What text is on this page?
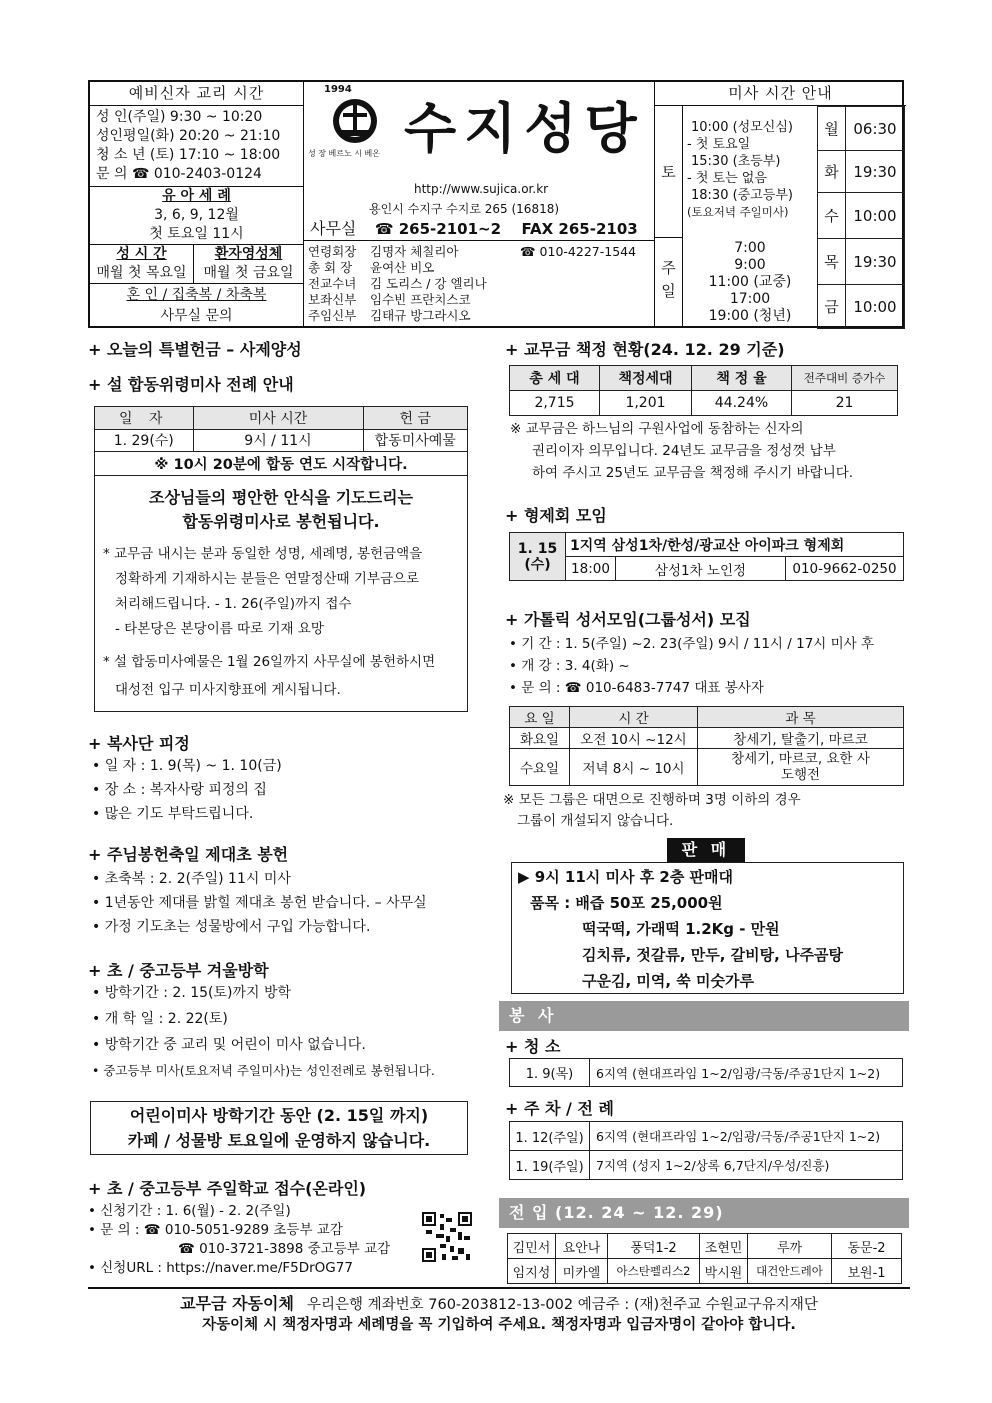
예비신자 교리 시간
성 인(주일) 9:30 ~ 10:20
성인평일(화) 20:20 ~ 21:10
청 소 년 (토) 17:10 ~ 18:00
문 의 ☎ 010-2403-0124
유 아 세 례
3, 6, 9, 12월
첫 토요일 11시
성 시 간
매월 첫 목요일
환자영성체
매월 첫 금요일
혼 인 / 집축복 / 차축복
사무실 문의
1994
성 장 베르노 시 베온 수지성당
http://www.sujica.or.kr
용인시 수지구 수지로 265 (16818)
사무실 ☎ 265-2101~2 FAX 265-2103
연령회장 김명자 체칠리아	☎ 010-4227-1544
총 회 장 윤여산 비오
전교수녀 김 도리스 / 강 엘리나
보좌신부 임수빈 프란치스코
주임신부 김태규 방그라시오
미사 시간 안내
토
10:00 (성모신심)
- 첫 토요일
15:30 (초등부)
- 첫 토는 없음
18:30 (중고등부)
(토요저녁 주일미사)
주일
7:00
9:00
11:00 (교중)
17:00
19:00 (청년)
월	06:30
화	19:30
수	10:00
목	19:30
금	10:00
+ 오늘의 특별헌금 – 사제양성
+ 설 합동위령미사 전례 안내
일 자	미사 시간	헌 금
1. 29(수)	9시 / 11시	합동미사예물
※ 10시 20분에 합동 연도 시작합니다.		
조상님들의 평안한 안식을 기도드리는
합동위령미사로 봉헌됩니다.
* 교무금 내시는 분과 동일한 성명, 세례명, 봉헌금액을
정확하게 기재하시는 분들은 연말정산때 기부금으로
처리해드립니다. - 1. 26(주일)까지 접수
- 타본당은 본당이름 따로 기재 요망
* 설 합동미사예물은 1월 26일까지 사무실에 봉헌하시면
대성전 입구 미사지향표에 게시됩니다.
+ 복사단 피정
• 일 자 : 1. 9(목) ~ 1. 10(금)
• 장 소 : 복자사랑 피정의 집
• 많은 기도 부탁드립니다.
+ 주님봉헌축일 제대초 봉헌
• 초축복 : 2. 2(주일) 11시 미사
• 1년동안 제대를 밝힐 제대초 봉헌 받습니다. – 사무실
• 가정 기도초는 성물방에서 구입 가능합니다.
+ 초 / 중고등부 겨울방학
• 방학기간 : 2. 15(토)까지 방학
• 개 학 일 : 2. 22(토)
• 방학기간 중 교리 및 어린이 미사 없습니다.
• 중고등부 미사(토요저녁 주일미사)는 성인전례로 봉헌됩니다.
어린이미사 방학기간 동안 (2. 15일 까지)
카페 / 성물방 토요일에 운영하지 않습니다.
+ 초 / 중고등부 주일학교 접수(온라인)
• 신청기간 : 1. 6(월) - 2. 2(주일)
• 문 의 : ☎ 010-5051-9289 초등부 교감
☎ 010-3721-3898 중고등부 교감
• 신청URL : https://naver.me/F5DrOG77
+ 교무금 책정 현황(24. 12. 29 기준)
총 세 대	책정세대	책 정 율	전주대비 증가수
2,715	1,201	44.24%	21
※ 교무금은 하느님의 구원사업에 동참하는 신자의
권리이자 의무입니다. 24년도 교무금을 정성껏 납부
하여 주시고 25년도 교무금을 책정해 주시기 바랍니다.
+ 형제회 모임
1. 15 (수)	1지역 삼성1차/한성/광교산 아이파크 형제회		
	18:00	삼성1차 노인정	010-9662-0250
+ 가톨릭 성서모임(그룹성서) 모집
• 기 간 : 1. 5(주일) ~2. 23(주일) 9시 / 11시 / 17시 미사 후
• 개 강 : 3. 4(화) ~
• 문 의 : ☎ 010-6483-7747 대표 봉사자
요 일	시 간	과 목
화요일	오전 10시 ~12시	창세기, 탈출기, 마르코
수요일	저녁 8시 ~ 10시	창세기, 마르코, 요한 사도행전
※ 모든 그룹은 대면으로 진행하며 3명 이하의 경우
그룹이 개설되지 않습니다.
판 매
▶ 9시 11시 미사 후 2층 판매대
품목 : 배즙 50포 25,000원
떡국떡, 가래떡 1.2Kg - 만원
김치류, 젓갈류, 만두, 갈비탕, 나주곰탕
구운김, 미역, 쑥 미숫가루
봉 사
+ 청 소
1. 9(목)	6지역 (현대프라임 1~2/임광/극동/주공1단지 1~2)
+ 주 차 / 전 례
1. 12(주일)	6지역 (현대프라임 1~2/임광/극동/주공1단지 1~2)
1. 19(주일)	7지역 (성지 1~2/상록 6,7단지/우성/진흥)
전 입 (12. 24 ~ 12. 29)
김민서	요안나	풍덕1-2	조현민	루까	동문-2
임지성	미카엘	아스탄펠리스2	박시원	대건안드레아	보원-1
교무금 자동이체 우리은행 계좌번호 760-203812-13-002 예금주 : (재)천주교 수원교구유지재단
자동이체 시 책정자명과 세례명을 꼭 기입하여 주세요. 책정자명과 입금자명이 같아야 합니다.
